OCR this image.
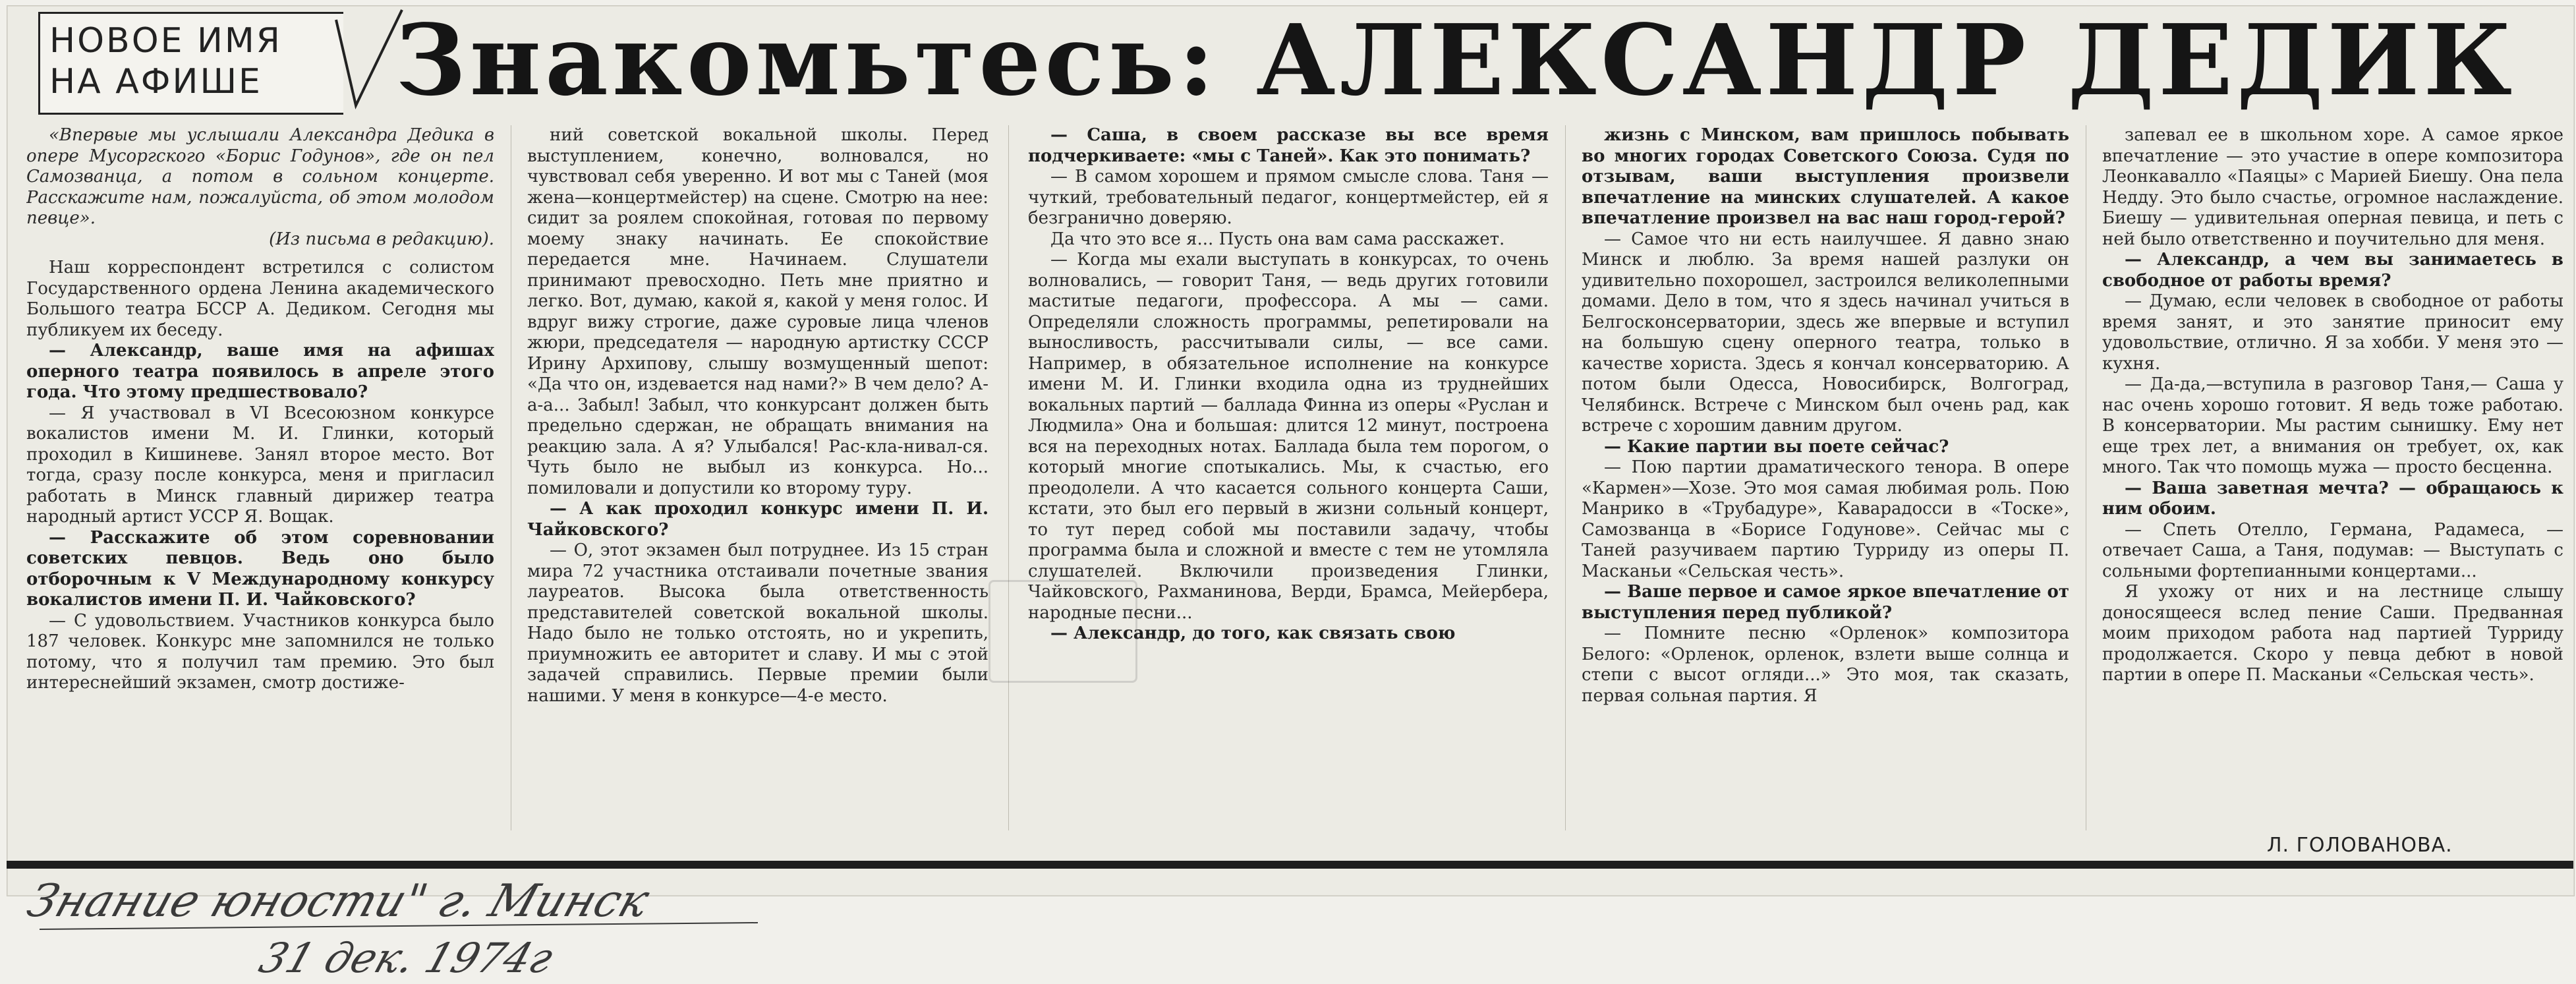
НОВОЕ ИМЯ
НА АФИШЕ	Знакомьтесь: АЛЕКСАНДР ДЕДИК

«Впервые мы услышали Александра Дедика в опере Мусоргского «Борис Годунов», где он пел Самозванца, а потом в сольном концерте. Расскажите нам, пожалуйста, об этом молодом певце».

(Из письма в редакцию).

Наш корреспондент встретился с солистом Государственного ордена Ленина академического Большого театра БССР А. Дедиком. Сегодня мы публикуем их беседу.

— Александр, ваше имя на афишах оперного театра появилось в апреле этого года. Что этому предшествовало?

— Я участвовал в VI Всесоюзном конкурсе вокалистов имени М. И. Глинки, который проходил в Кишиневе. Занял второе место. Вот тогда, сразу после конкурса, меня и пригласил работать в Минск главный дирижер театра народный артист УССР Я. Вощак.

— Расскажите об этом соревновании советских певцов. Ведь оно было отборочным к V Международному конкурсу вокалистов имени П. И. Чайковского?

— С удовольствием. Участников конкурса было 187 человек. Конкурс мне запомнился не только потому, что я получил там премию. Это был интереснейший экзамен, смотр достиже-

ний советской вокальной школы. Перед выступлением, конечно, волновался, но чувствовал себя уверенно. И вот мы с Таней (моя жена—концертмейстер) на сцене. Смотрю на нее: сидит за роялем спокойная, готовая по первому моему знаку начинать. Ее спокойствие передается мне. Начинаем. Слушатели принимают превосходно. Петь мне приятно и легко. Вот, думаю, какой я, какой у меня голос. И вдруг вижу строгие, даже суровые лица членов жюри, председателя — народную артистку СССР Ирину Архипову, слышу возмущенный шепот: «Да что он, издевается над нами?» В чем дело? А-а-а... Забыл! Забыл, что конкурсант должен быть предельно сдержан, не обращать внимания на реакцию зала. А я? Улыбался! Рас-кла-нивал-ся. Чуть было не выбыл из конкурса. Но... помиловали и допустили ко второму туру.

— А как проходил конкурс имени П. И. Чайковского?

— О, этот экзамен был потруднее. Из 15 стран мира 72 участника отстаивали почетные звания лауреатов. Высока была ответственность представителей советской вокальной школы. Надо было не только отстоять, но и укрепить, приумножить ее авторитет и славу. И мы с этой задачей справились. Первые премии были нашими. У меня в конкурсе—4-е место.

— Саша, в своем рассказе вы все время подчеркиваете: «мы с Таней». Как это понимать?

— В самом хорошем и прямом смысле слова. Таня — чуткий, требовательный педагог, концертмейстер, ей я безгранично доверяю.

Да что это все я... Пусть она вам сама расскажет.

— Когда мы ехали выступать в конкурсах, то очень волновались, — говорит Таня, — ведь других готовили маститые педагоги, профессора. А мы — сами. Определяли сложность программы, репетировали на выносливость, рассчитывали силы, — все сами. Например, в обязательное исполнение на конкурсе имени М. И. Глинки входила одна из труднейших вокальных партий — баллада Финна из оперы «Руслан и Людмила» Она и большая: длится 12 минут, построена вся на переходных нотах. Баллада была тем порогом, о который многие спотыкались. Мы, к счастью, его преодолели. А что касается сольного концерта Саши, кстати, это был его первый в жизни сольный концерт, то тут перед собой мы поставили задачу, чтобы программа была и сложной и вместе с тем не утомляла слушателей. Включили произведения Глинки, Чайковского, Рахманинова, Верди, Брамса, Мейербера, народные песни...

— Александр, до того, как связать свою

жизнь с Минском, вам пришлось побывать во многих городах Советского Союза. Судя по отзывам, ваши выступления произвели впечатление на минских слушателей. А какое впечатление произвел на вас наш город-герой?

— Самое что ни есть наилучшее. Я давно знаю Минск и люблю. За время нашей разлуки он удивительно похорошел, застроился великолепными домами. Дело в том, что я здесь начинал учиться в Белгосконсерватории, здесь же впервые и вступил на большую сцену оперного театра, только в качестве хориста. Здесь я кончал консерваторию. А потом были Одесса, Новосибирск, Волгоград, Челябинск. Встрече с Минском был очень рад, как встрече с хорошим давним другом.

— Какие партии вы поете сейчас?

— Пою партии драматического тенора. В опере «Кармен»—Хозе. Это моя самая любимая роль. Пою Манрико в «Трубадуре», Каварадосси в «Тоске», Самозванца в «Борисе Годунове». Сейчас мы с Таней разучиваем партию Турриду из оперы П. Масканьи «Сельская честь».

— Ваше первое и самое яркое впечатление от выступления перед публикой?

— Помните песню «Орленок» композитора Белого: «Орленок, орленок, взлети выше солнца и степи с высот огляди...» Это моя, так сказать, первая сольная партия. Я

запевал ее в школьном хоре. А самое яркое впечатление — это участие в опере композитора Леонкавалло «Паяцы» с Марией Биешу. Она пела Недду. Это было счастье, огромное наслаждение. Биешу — удивительная оперная певица, и петь с ней было ответственно и поучительно для меня.

— Александр, а чем вы занимаетесь в свободное от работы время?

— Думаю, если человек в свободное от работы время занят, и это занятие приносит ему удовольствие, отлично. Я за хобби. У меня это — кухня.

— Да-да,—вступила в разговор Таня,— Саша у нас очень хорошо готовит. Я ведь тоже работаю. В консерватории. Мы растим сынишку. Ему нет еще трех лет, а внимания он требует, ох, как много. Так что помощь мужа — просто бесценна.

— Ваша заветная мечта? — обращаюсь к ним обоим.

— Спеть Отелло, Германа, Радамеса, — отвечает Саша, а Таня, подумав: — Выступать с сольными фортепианными концертами...

Я ухожу от них и на лестнице слышу доносящееся вслед пение Саши. Предванная моим приходом работа над партией Турриду продолжается. Скоро у певца дебют в новой партии в опере П. Масканьи «Сельская честь».

Л. ГОЛОВАНОВА.
Знание юности" г. Минск
31 дек. 1974г
